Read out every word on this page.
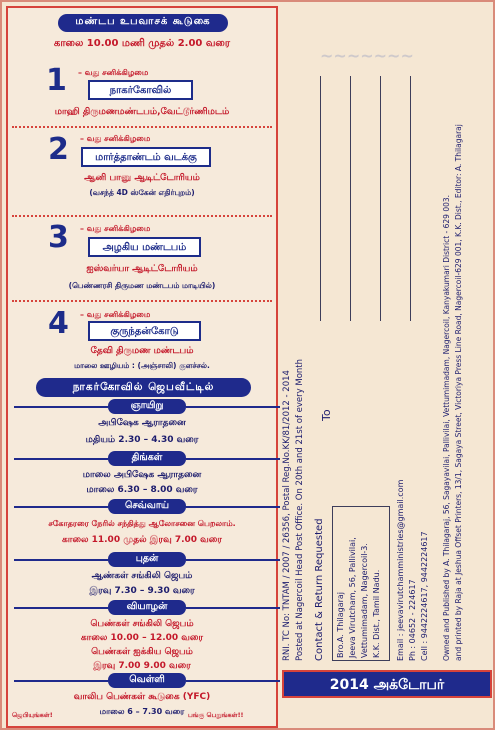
மண்டப உபவாசக் கூடுகை
காலை 10.00 மணி முதல் 2.00 வரை
1 – வது சனிக்கிழமை
நாகர்கோவில்
மாஹி திருமணமண்டபம்,வேட்டூர்ணிமடம்
2 – வது சனிக்கிழமை
மார்த்தாண்டம் வடக்கு
ஆனி பானு ஆடிட்டோரியம்
(வசந்த் 4D ஸ்கேன் எதிர்புறம்)
3 – வது சனிக்கிழமை
அழகிய மண்டபம்
ஐஸ்வர்யா ஆடிட்டோரியம்
(பெண்ணரசி திருமண மண்டபம் மாடியில்)
4 – வது சனிக்கிழமை
குருந்தன்கோடு
தேவி திருமண மண்டபம்
மாலை ஊழியம் : (அஞ்சாலி) குளச்சல்.
நாகர்கோவில் ஜெபவீட்டில்
ஞாயிறு
அபிஷேக ஆராதனை
மதியம் 2.30 – 4.30 வரை
திங்கள்
மாலை அபிஷேக ஆராதனை
மாலை 6.30 – 8.00 வரை
செவ்வாய்
சகோதரரை நேரில் சந்தித்து ஆலோசனை பெறலாம்.
காலை 11.00 முதல் இரவு 7.00 வரை
புதன்
ஆண்கள் சங்கிலி ஜெபம்
இரவு 7.30 – 9.30 வரை
வியாழன்
பெண்கள் சங்கிலி ஜெபம்
காலை 10.00 – 12.00 வரை
பெண்கள் ஐக்கிய ஜெபம்
இரவு 7.00 9.00 வரை
வெள்ளி
வாலிப பெண்கள் கூடுகை (YFC)
மாலை 6 – 7.30 வரை
ஜெபியுங்கள்!	பங்கு பெறுங்கள்!!
~~~~~~~
RNI. TC No: TNTAM / 2007 / 26356, Postal Reg.No.KK/81/2012 - 2014 Posted at Nagercoil Head Post Office. On 20th and 21st of every Month To
Contact & Return Requested Bro.A. Thilagaraj Jeeva Virutcham, 56, Pallivilai, Vettumimadam, Nagercoil-3. K.K. Dist., Tamil Nadu. Email : jeevavirutchamministries@gmail.com Ph : 04652 - 224617 Cell : 9442224617, 9442224617 Owned and Published by A. Thilagaraj, 56, Sagayavilai, Pallivilai, Vettumimadam, Nagercoil, Kanyakumari District - 629 003. and printed by Raja at Jeshua Offset Printers, 13/1, Sagaya Street, Victoriya Press Line Road, Nagercoil-629 001, K.K. Dist., Editor: A. Thilagaraj
2014 அக்டோபர்
